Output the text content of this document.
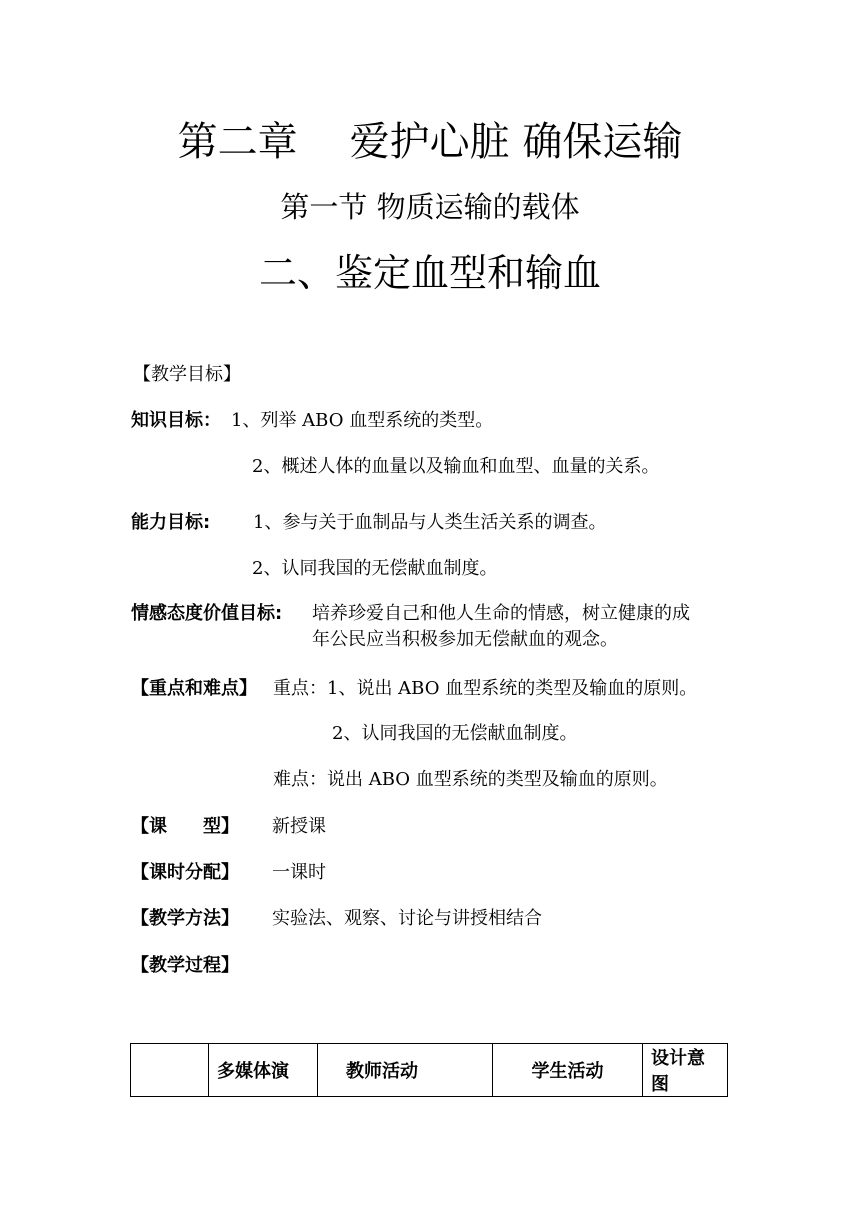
第二章 爱护心脏 确保运输
第一节 物质运输的载体
二、鉴定血型和输血
【教学目标】
知识目标： 1、列举 ABO 血型系统的类型。
2、概述人体的血量以及输血和血型、血量的关系。
能力目标: 1、参与关于血制品与人类生活关系的调查。
2、认同我国的无偿献血制度。
情感态度价值目标: 培养珍爱自己和他人生命的情感，树立健康的成
年公民应当积极参加无偿献血的观念。
【重点和难点】 重点：1、说出 ABO 血型系统的类型及输血的原则。
2、认同我国的无偿献血制度。
难点：说出 ABO 血型系统的类型及输血的原则。
【课　　型】 新授课
【课时分配】 一课时
【教学方法】 实验法、观察、讨论与讲授相结合
【教学过程】
	多媒体演	教师活动	学生活动	设计意图
